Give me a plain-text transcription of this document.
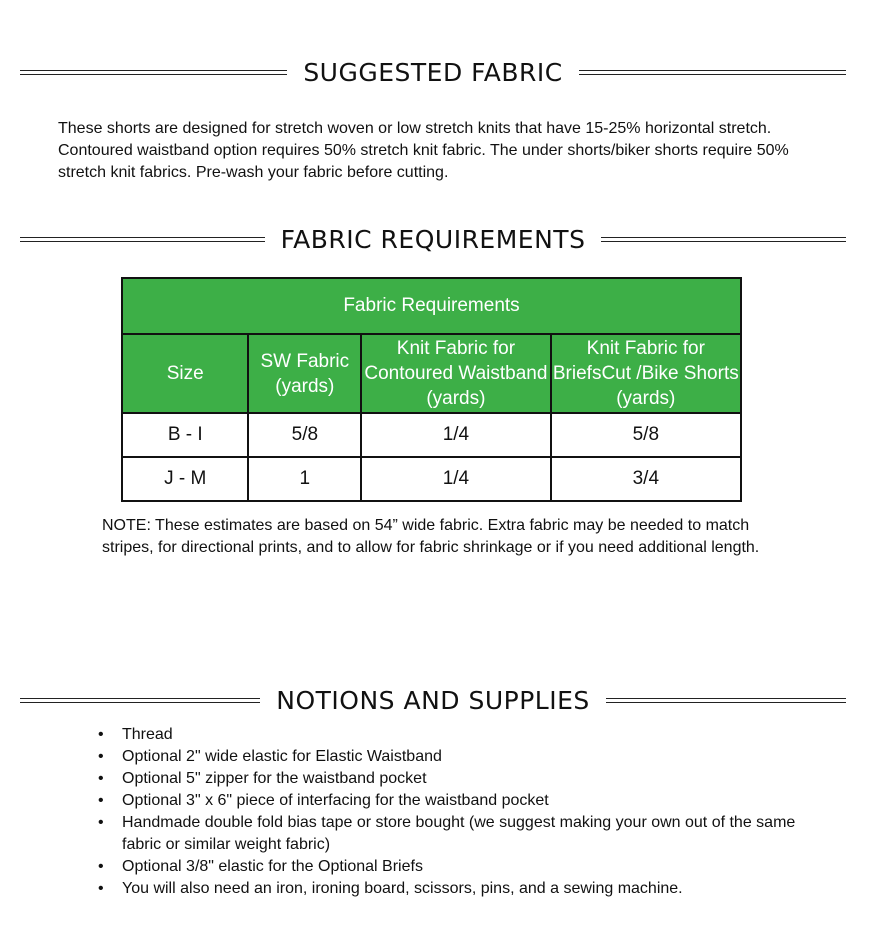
SUGGESTED FABRIC

These shorts are designed for stretch woven or low stretch knits that have 15-25% horizontal stretch. Contoured waistband option requires 50% stretch knit fabric. The under shorts/biker shorts require 50% stretch knit fabrics. Pre-wash your fabric before cutting.

FABRIC REQUIREMENTS
Fabric Requirements			
Size	SW Fabric (yards)	Knit Fabric for Contoured Waistband (yards)	Knit Fabric for BriefsCut /Bike Shorts (yards)
B - I	5/8	1/4	5/8
J - M	1	1/4	3/4

NOTE: These estimates are based on 54” wide fabric. Extra fabric may be needed to match stripes, for directional prints, and to allow for fabric shrinkage or if you need additional length.

NOTIONS AND SUPPLIES
• Thread
• Optional 2" wide elastic for Elastic Waistband
• Optional 5" zipper for the waistband pocket
• Optional 3" x 6" piece of interfacing for the waistband pocket
• Handmade double fold bias tape or store bought (we suggest making your own out of the same fabric or similar weight fabric)
• Optional 3/8" elastic for the Optional Briefs
• You will also need an iron, ironing board, scissors, pins, and a sewing machine.
